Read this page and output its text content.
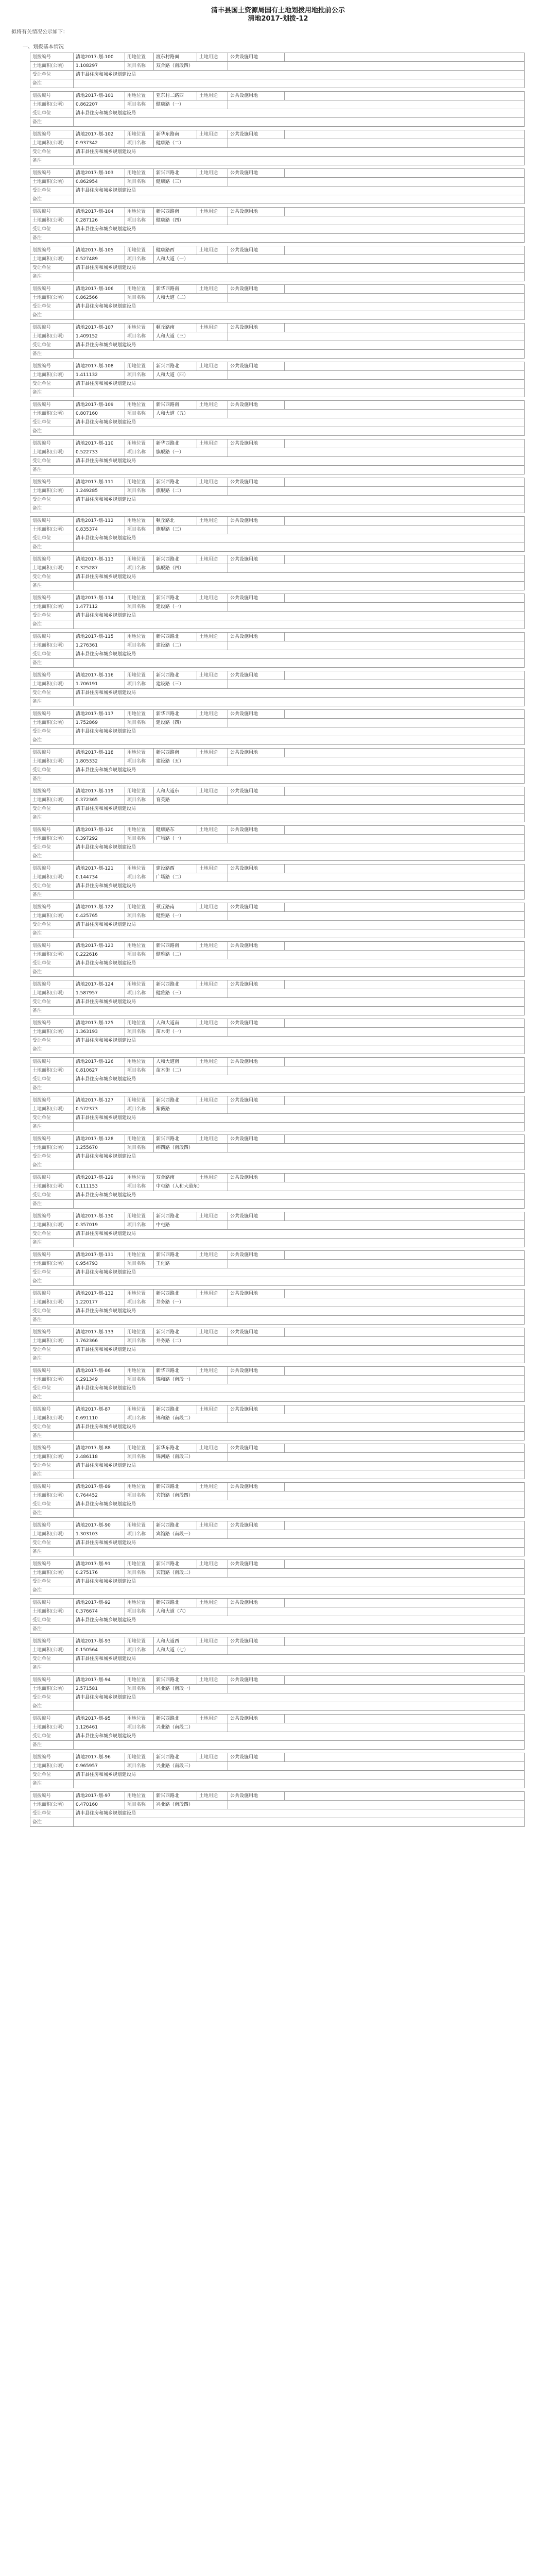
清丰县国土资源局国有土地划拨用地批前公示
清地2017-划拨-12
拟将有关情况公示如下：
一、划拨基本情况
划拨编号	清地2017-划-100	用地位置	渡东村路面	土地用途	公共设施用地	
土地面积(公顷)	1.108297	项目名称	双合路（南段四）			
受让单位	清丰县住房和城乡规划建设局					
备注						
划拨编号	清地2017-划-101	用地位置	亚东村二路西	土地用途	公共设施用地	
土地面积(公顷)	0.862207	项目名称	健康路（一）			
受让单位	清丰县住房和城乡规划建设局					
备注						
划拨编号	清地2017-划-102	用地位置	新华东路南	土地用途	公共设施用地	
土地面积(公顷)	0.937342	项目名称	健康路（二）			
受让单位	清丰县住房和城乡规划建设局					
备注						
划拨编号	清地2017-划-103	用地位置	新兴西路北	土地用途	公共设施用地	
土地面积(公顷)	0.862954	项目名称	健康路（三）			
受让单位	清丰县住房和城乡规划建设局					
备注						
划拨编号	清地2017-划-104	用地位置	新兴西路南	土地用途	公共设施用地	
土地面积(公顷)	0.287126	项目名称	健康路（四）			
受让单位	清丰县住房和城乡规划建设局					
备注						
划拨编号	清地2017-划-105	用地位置	健康路西	土地用途	公共设施用地	
土地面积(公顷)	0.527489	项目名称	人和大道（一）			
受让单位	清丰县住房和城乡规划建设局					
备注						
划拨编号	清地2017-划-106	用地位置	新华西路南	土地用途	公共设施用地	
土地面积(公顷)	0.862566	项目名称	人和大道（二）			
受让单位	清丰县住房和城乡规划建设局					
备注						
划拨编号	清地2017-划-107	用地位置	顿丘路南	土地用途	公共设施用地	
土地面积(公顷)	1.409152	项目名称	人和大道（三）			
受让单位	清丰县住房和城乡规划建设局					
备注						
划拨编号	清地2017-划-108	用地位置	新兴西路北	土地用途	公共设施用地	
土地面积(公顷)	1.411132	项目名称	人和大道（四）			
受让单位	清丰县住房和城乡规划建设局					
备注						
划拨编号	清地2017-划-109	用地位置	新兴西路南	土地用途	公共设施用地	
土地面积(公顷)	0.807160	项目名称	人和大道（五）			
受让单位	清丰县住房和城乡规划建设局					
备注						
划拨编号	清地2017-划-110	用地位置	新华西路北	土地用途	公共设施用地	
土地面积(公顷)	0.522733	项目名称	旗舰路（一）			
受让单位	清丰县住房和城乡规划建设局					
备注						
划拨编号	清地2017-划-111	用地位置	新兴西路北	土地用途	公共设施用地	
土地面积(公顷)	1.249285	项目名称	旗舰路（二）			
受让单位	清丰县住房和城乡规划建设局					
备注						
划拨编号	清地2017-划-112	用地位置	顿丘路北	土地用途	公共设施用地	
土地面积(公顷)	0.835374	项目名称	旗舰路（三）			
受让单位	清丰县住房和城乡规划建设局					
备注						
划拨编号	清地2017-划-113	用地位置	新兴西路北	土地用途	公共设施用地	
土地面积(公顷)	0.325287	项目名称	旗舰路（四）			
受让单位	清丰县住房和城乡规划建设局					
备注						
划拨编号	清地2017-划-114	用地位置	新兴西路北	土地用途	公共设施用地	
土地面积(公顷)	1.477112	项目名称	建设路（一）			
受让单位	清丰县住房和城乡规划建设局					
备注						
划拨编号	清地2017-划-115	用地位置	新兴西路北	土地用途	公共设施用地	
土地面积(公顷)	1.276361	项目名称	建设路（二）			
受让单位	清丰县住房和城乡规划建设局					
备注						
划拨编号	清地2017-划-116	用地位置	新兴西路北	土地用途	公共设施用地	
土地面积(公顷)	1.706191	项目名称	建设路（三）			
受让单位	清丰县住房和城乡规划建设局					
备注						
划拨编号	清地2017-划-117	用地位置	新华西路北	土地用途	公共设施用地	
土地面积(公顷)	1.752869	项目名称	建设路（四）			
受让单位	清丰县住房和城乡规划建设局					
备注						
划拨编号	清地2017-划-118	用地位置	新兴西路南	土地用途	公共设施用地	
土地面积(公顷)	1.805332	项目名称	建设路（五）			
受让单位	清丰县住房和城乡规划建设局					
备注						
划拨编号	清地2017-划-119	用地位置	人和大道东	土地用途	公共设施用地	
土地面积(公顷)	0.372365	项目名称	育英路			
受让单位	清丰县住房和城乡规划建设局					
备注						
划拨编号	清地2017-划-120	用地位置	健康路东	土地用途	公共设施用地	
土地面积(公顷)	0.397292	项目名称	广场路（一）			
受让单位	清丰县住房和城乡规划建设局					
备注						
划拨编号	清地2017-划-121	用地位置	建设路西	土地用途	公共设施用地	
土地面积(公顷)	0.144734	项目名称	广场路（二）			
受让单位	清丰县住房和城乡规划建设局					
备注						
划拨编号	清地2017-划-122	用地位置	顿丘路南	土地用途	公共设施用地	
土地面积(公顷)	0.425765	项目名称	健雅路（一）			
受让单位	清丰县住房和城乡规划建设局					
备注						
划拨编号	清地2017-划-123	用地位置	新兴西路南	土地用途	公共设施用地	
土地面积(公顷)	0.222616	项目名称	健雅路（二）			
受让单位	清丰县住房和城乡规划建设局					
备注						
划拨编号	清地2017-划-124	用地位置	新兴西路北	土地用途	公共设施用地	
土地面积(公顷)	1.587957	项目名称	健雅路（三）			
受让单位	清丰县住房和城乡规划建设局					
备注						
划拨编号	清地2017-划-125	用地位置	人和大道南	土地用途	公共设施用地	
土地面积(公顷)	1.363193	项目名称	苗木街（一）			
受让单位	清丰县住房和城乡规划建设局					
备注						
划拨编号	清地2017-划-126	用地位置	人和大道南	土地用途	公共设施用地	
土地面积(公顷)	0.810627	项目名称	苗木街（二）			
受让单位	清丰县住房和城乡规划建设局					
备注						
划拨编号	清地2017-划-127	用地位置	新兴西路北	土地用途	公共设施用地	
土地面积(公顷)	0.572373	项目名称	紫薇路			
受让单位	清丰县住房和城乡规划建设局					
备注						
划拨编号	清地2017-划-128	用地位置	新兴西路北	土地用途	公共设施用地	
土地面积(公顷)	1.255670	项目名称	纬四路（南段四）			
受让单位	清丰县住房和城乡规划建设局					
备注						
划拨编号	清地2017-划-129	用地位置	双合路南	土地用途	公共设施用地	
土地面积(公顷)	0.111153	项目名称	中屯路（人和大道东）			
受让单位	清丰县住房和城乡规划建设局					
备注						
划拨编号	清地2017-划-130	用地位置	新兴西路北	土地用途	公共设施用地	
土地面积(公顷)	0.357019	项目名称	中屯路			
受让单位	清丰县住房和城乡规划建设局					
备注						
划拨编号	清地2017-划-131	用地位置	新兴西路北	土地用途	公共设施用地	
土地面积(公顷)	0.954793	项目名称	王化路			
受让单位	清丰县住房和城乡规划建设局					
备注						
划拨编号	清地2017-划-132	用地位置	新兴西路北	土地用途	公共设施用地	
土地面积(公顷)	1.220177	项目名称	井务路（一）			
受让单位	清丰县住房和城乡规划建设局					
备注						
划拨编号	清地2017-划-133	用地位置	新兴西路北	土地用途	公共设施用地	
土地面积(公顷)	1.762366	项目名称	井务路（二）			
受让单位	清丰县住房和城乡规划建设局					
备注						
划拨编号	清地2017-划-86	用地位置	新华西路北	土地用途	公共设施用地	
土地面积(公顷)	0.291349	项目名称	锦和路（南段一）			
受让单位	清丰县住房和城乡规划建设局					
备注						
划拨编号	清地2017-划-87	用地位置	新兴西路北	土地用途	公共设施用地	
土地面积(公顷)	0.691110	项目名称	锦和路（南段二）			
受让单位	清丰县住房和城乡规划建设局					
备注						
划拨编号	清地2017-划-88	用地位置	新华东路北	土地用途	公共设施用地	
土地面积(公顷)	2.486118	项目名称	锦河路（南段三）			
受让单位	清丰县住房和城乡规划建设局					
备注						
划拨编号	清地2017-划-89	用地位置	新兴西路北	土地用途	公共设施用地	
土地面积(公顷)	0.764452	项目名称	宾馆路（南段四）			
受让单位	清丰县住房和城乡规划建设局					
备注						
划拨编号	清地2017-划-90	用地位置	新兴西路北	土地用途	公共设施用地	
土地面积(公顷)	1.303103	项目名称	宾馆路（南段一）			
受让单位	清丰县住房和城乡规划建设局					
备注						
划拨编号	清地2017-划-91	用地位置	新兴西路北	土地用途	公共设施用地	
土地面积(公顷)	0.275176	项目名称	宾馆路（南段二）			
受让单位	清丰县住房和城乡规划建设局					
备注						
划拨编号	清地2017-划-92	用地位置	新兴西路北	土地用途	公共设施用地	
土地面积(公顷)	0.376674	项目名称	人和大道（六）			
受让单位	清丰县住房和城乡规划建设局					
备注						
划拨编号	清地2017-划-93	用地位置	人和大道西	土地用途	公共设施用地	
土地面积(公顷)	0.150564	项目名称	人和大道（七）			
受让单位	清丰县住房和城乡规划建设局					
备注						
划拨编号	清地2017-划-94	用地位置	新兴西路北	土地用途	公共设施用地	
土地面积(公顷)	2.571581	项目名称	兴业路（南段一）			
受让单位	清丰县住房和城乡规划建设局					
备注						
划拨编号	清地2017-划-95	用地位置	新兴西路北	土地用途	公共设施用地	
土地面积(公顷)	1.126461	项目名称	兴业路（南段二）			
受让单位	清丰县住房和城乡规划建设局					
备注						
划拨编号	清地2017-划-96	用地位置	新兴西路北	土地用途	公共设施用地	
土地面积(公顷)	0.965957	项目名称	兴业路（南段三）			
受让单位	清丰县住房和城乡规划建设局					
备注						
划拨编号	清地2017-划-97	用地位置	新兴西路北	土地用途	公共设施用地	
土地面积(公顷)	0.470160	项目名称	兴业路（南段四）			
受让单位	清丰县住房和城乡规划建设局					
备注						
